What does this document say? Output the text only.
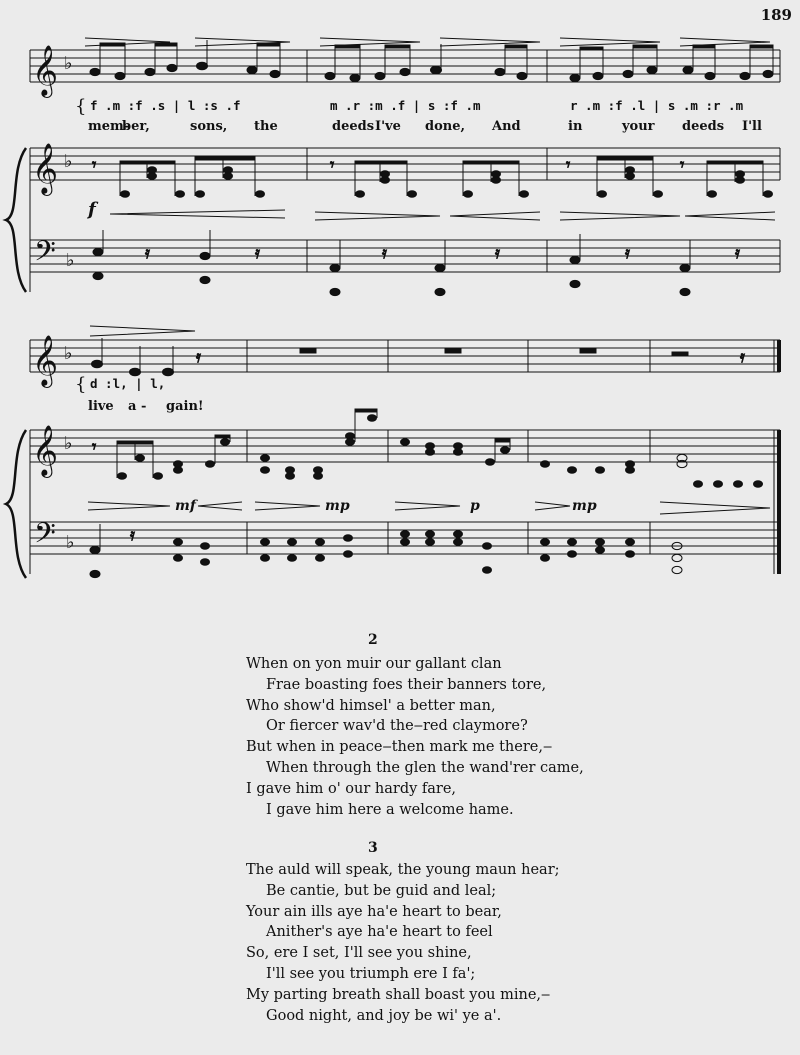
189
𝄞 ♭
{ f .m :f .s | l :s .f	m .r :m .f | s :f .m	r .m :f .l | s .m :r .m
mem-
ber,	sons, the	deeds I've done, And	in	your deeds I'll
𝄞 ♭
f
𝄾	𝄾	𝄾	𝄾
𝄢 ♭	𝄿	𝄿	𝄿	𝄿	𝄿	𝄿
𝄞 ♭	𝄿	𝄿
{ d :l, | l,
live a - gain!
𝄞 ♭ 𝄾
mf	mp	p	mp
𝄢 ♭	𝄿
2
When on yon muir our gallant clan
Frae boasting foes their banners tore,
Who show'd himsel' a better man,
Or fiercer wav'd the‒red claymore?
But when in peace‒then mark me there,‒
When through the glen the wand'rer came,
I gave him o' our hardy fare,
I gave him here a welcome hame.
3
The auld will speak, the young maun hear;
Be cantie, but be guid and leal;
Your ain ills aye ha'e heart to bear,
Anither's aye ha'e heart to feel
So, ere I set, I'll see you shine,
I'll see you triumph ere I fa';
My parting breath shall boast you mine,‒
Good night, and joy be wi' ye a'.
